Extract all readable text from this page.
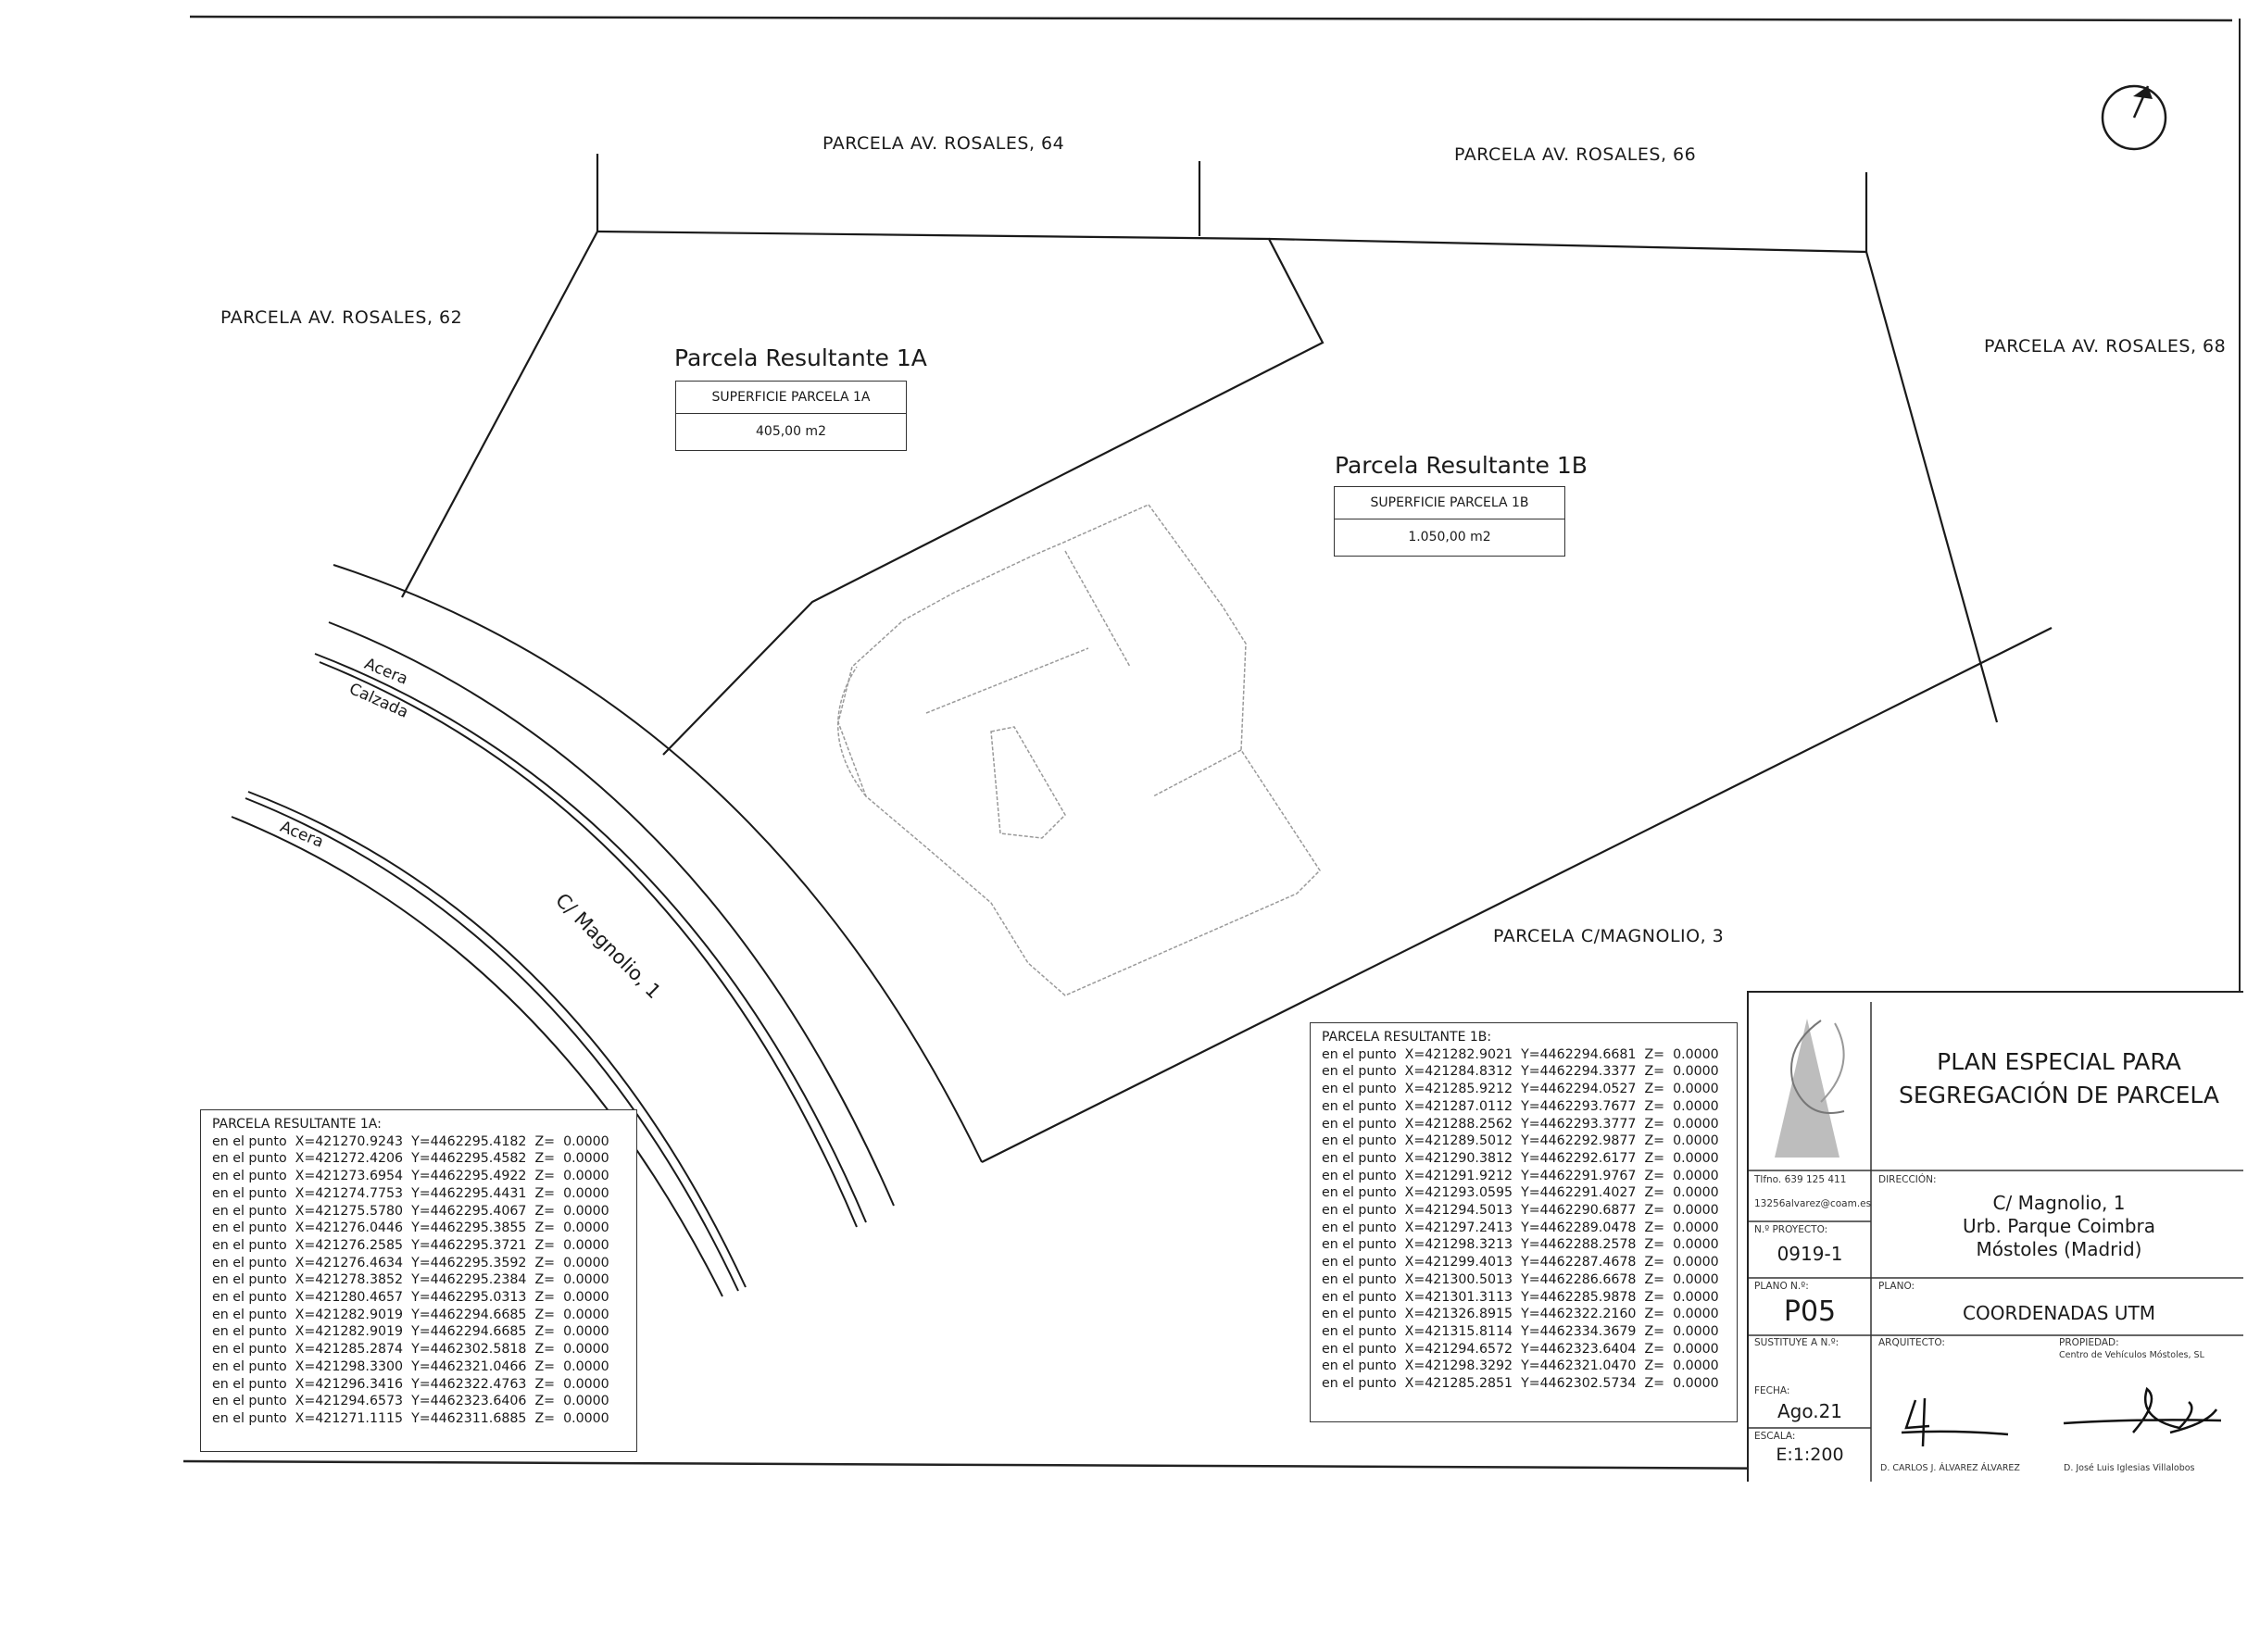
PARCELA AV. ROSALES, 64
PARCELA AV. ROSALES, 66
PARCELA AV. ROSALES, 62
PARCELA AV. ROSALES, 68
PARCELA C/MAGNOLIO, 3
Acera
Calzada
Acera
C/ Magnolio, 1
Parcela Resultante 1A
SUPERFICIE PARCELA 1A
405,00 m2
Parcela Resultante 1B
SUPERFICIE PARCELA 1B
1.050,00 m2
PARCELA RESULTANTE 1A:
en el punto  X=421270.9243  Y=4462295.4182  Z=  0.0000
en el punto  X=421272.4206  Y=4462295.4582  Z=  0.0000
en el punto  X=421273.6954  Y=4462295.4922  Z=  0.0000
en el punto  X=421274.7753  Y=4462295.4431  Z=  0.0000
en el punto  X=421275.5780  Y=4462295.4067  Z=  0.0000
en el punto  X=421276.0446  Y=4462295.3855  Z=  0.0000
en el punto  X=421276.2585  Y=4462295.3721  Z=  0.0000
en el punto  X=421276.4634  Y=4462295.3592  Z=  0.0000
en el punto  X=421278.3852  Y=4462295.2384  Z=  0.0000
en el punto  X=421280.4657  Y=4462295.0313  Z=  0.0000
en el punto  X=421282.9019  Y=4462294.6685  Z=  0.0000
en el punto  X=421282.9019  Y=4462294.6685  Z=  0.0000
en el punto  X=421285.2874  Y=4462302.5818  Z=  0.0000
en el punto  X=421298.3300  Y=4462321.0466  Z=  0.0000
en el punto  X=421296.3416  Y=4462322.4763  Z=  0.0000
en el punto  X=421294.6573  Y=4462323.6406  Z=  0.0000
en el punto  X=421271.1115  Y=4462311.6885  Z=  0.0000
PARCELA RESULTANTE 1B:
en el punto  X=421282.9021  Y=4462294.6681  Z=  0.0000
en el punto  X=421284.8312  Y=4462294.3377  Z=  0.0000
en el punto  X=421285.9212  Y=4462294.0527  Z=  0.0000
en el punto  X=421287.0112  Y=4462293.7677  Z=  0.0000
en el punto  X=421288.2562  Y=4462293.3777  Z=  0.0000
en el punto  X=421289.5012  Y=4462292.9877  Z=  0.0000
en el punto  X=421290.3812  Y=4462292.6177  Z=  0.0000
en el punto  X=421291.9212  Y=4462291.9767  Z=  0.0000
en el punto  X=421293.0595  Y=4462291.4027  Z=  0.0000
en el punto  X=421294.5013  Y=4462290.6877  Z=  0.0000
en el punto  X=421297.2413  Y=4462289.0478  Z=  0.0000
en el punto  X=421298.3213  Y=4462288.2578  Z=  0.0000
en el punto  X=421299.4013  Y=4462287.4678  Z=  0.0000
en el punto  X=421300.5013  Y=4462286.6678  Z=  0.0000
en el punto  X=421301.3113  Y=4462285.9878  Z=  0.0000
en el punto  X=421326.8915  Y=4462322.2160  Z=  0.0000
en el punto  X=421315.8114  Y=4462334.3679  Z=  0.0000
en el punto  X=421294.6572  Y=4462323.6404  Z=  0.0000
en el punto  X=421298.3292  Y=4462321.0470  Z=  0.0000
en el punto  X=421285.2851  Y=4462302.5734  Z=  0.0000
PLAN ESPECIAL PARA
SEGREGACIÓN DE PARCELA
Tlfno. 639 125 411
13256alvarez@coam.es
DIRECCIÓN:
C/ Magnolio, 1
Urb. Parque Coimbra
Móstoles (Madrid)
N.º PROYECTO:
0919-1
PLANO N.º:
P05
PLANO:
COORDENADAS UTM
SUSTITUYE A N.º:	ARQUITECTO:	PROPIEDAD:
Centro de Vehículos Móstoles, SL
FECHA:
Ago.21
ESCALA:
E:1:200
D. CARLOS J. ÁLVAREZ ÁLVAREZ	D. José Luis Iglesias Villalobos
